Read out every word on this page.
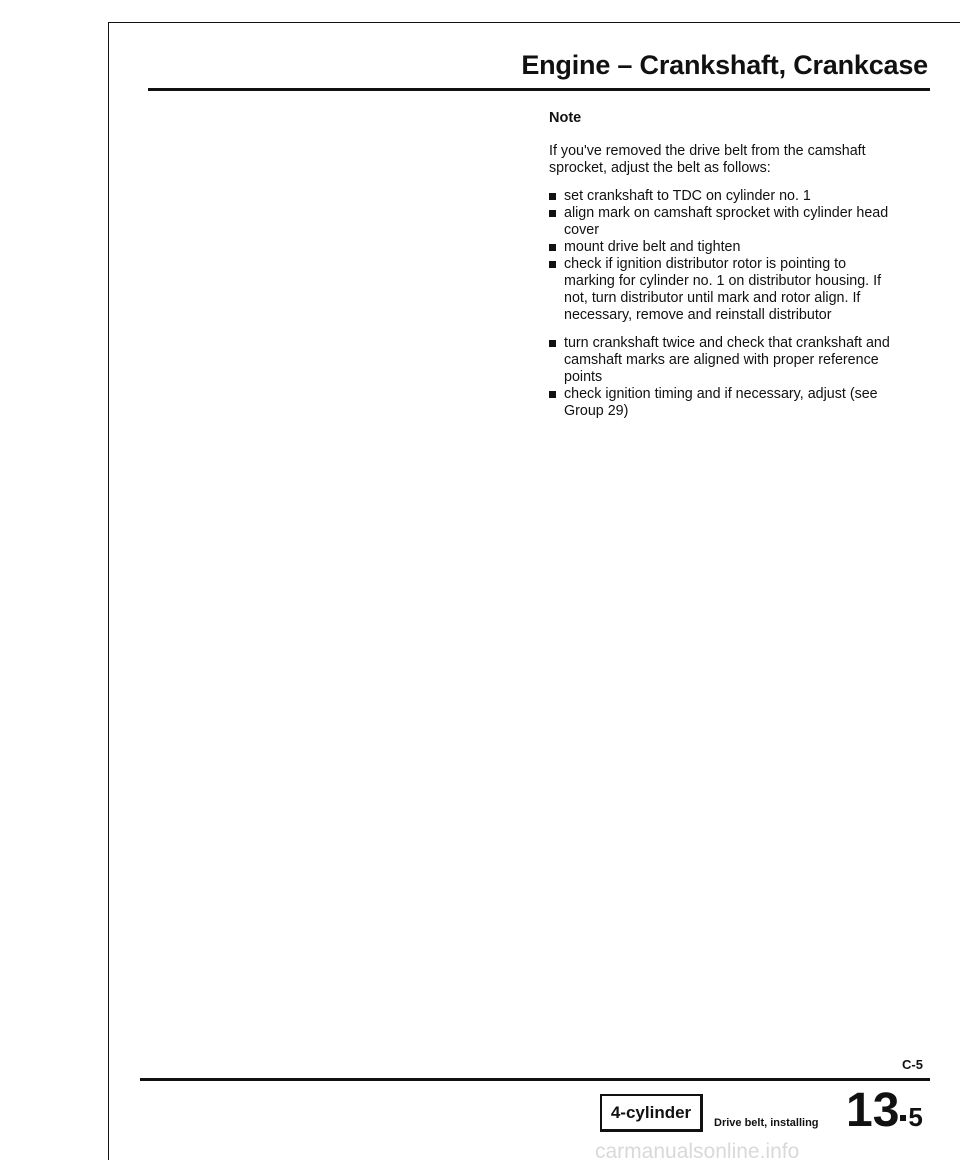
Engine – Crankshaft, Crankcase
Note

If you've removed the drive belt from the camshaft sprocket, adjust the belt as follows:

set crankshaft to TDC on cylinder no. 1
align mark on camshaft sprocket with cylinder head cover
mount drive belt and tighten
check if ignition distributor rotor is pointing to marking for cylinder no. 1 on distributor housing. If not, turn distributor until mark and rotor align. If necessary, remove and reinstall distributor
turn crankshaft twice and check that crankshaft and camshaft marks are aligned with proper reference points
check ignition timing and if necessary, adjust (see Group 29)
C-5
4-cylinder
Drive belt, installing 13 5
carmanualsonline.info
